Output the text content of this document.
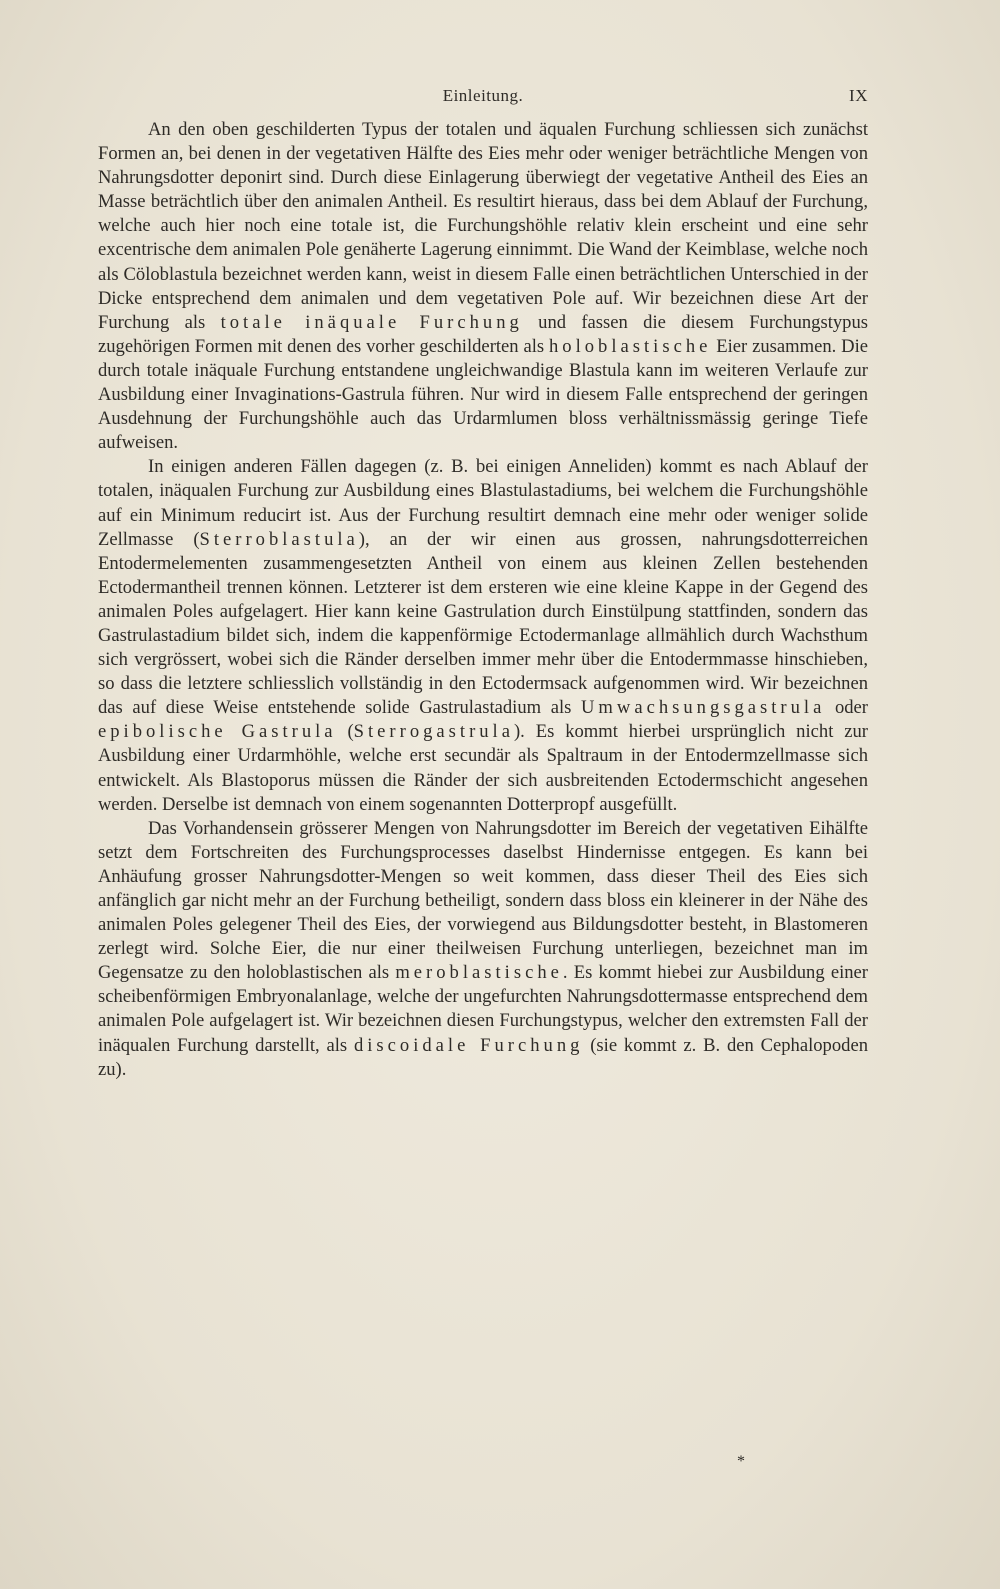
Einleitung.	IX

An den oben geschilderten Typus der totalen und äqualen Furchung schliessen sich zunächst Formen an, bei denen in der vegetativen Hälfte des Eies mehr oder weniger beträchtliche Mengen von Nahrungsdotter deponirt sind. Durch diese Einlagerung überwiegt der vegetative Antheil des Eies an Masse beträchtlich über den animalen Antheil. Es resultirt hieraus, dass bei dem Ablauf der Furchung, welche auch hier noch eine totale ist, die Furchungshöhle relativ klein erscheint und eine sehr excentrische dem animalen Pole genäherte Lagerung einnimmt. Die Wand der Keimblase, welche noch als Cöloblastula bezeichnet werden kann, weist in diesem Falle einen beträchtlichen Unterschied in der Dicke entsprechend dem animalen und dem vegetativen Pole auf. Wir bezeichnen diese Art der Furchung als totale inäquale Furchung und fassen die diesem Furchungstypus zugehörigen Formen mit denen des vorher geschilderten als holoblastische Eier zusammen. Die durch totale inäquale Furchung entstandene ungleichwandige Blastula kann im weiteren Verlaufe zur Ausbildung einer Invaginations-Gastrula führen. Nur wird in diesem Falle entsprechend der geringen Ausdehnung der Furchungshöhle auch das Urdarmlumen bloss verhältnissmässig geringe Tiefe aufweisen.

In einigen anderen Fällen dagegen (z. B. bei einigen Anneliden) kommt es nach Ablauf der totalen, inäqualen Furchung zur Ausbildung eines Blastulastadiums, bei welchem die Furchungshöhle auf ein Minimum reducirt ist. Aus der Furchung resultirt demnach eine mehr oder weniger solide Zellmasse (Sterroblastula), an der wir einen aus grossen, nahrungsdotterreichen Entodermelementen zusammengesetzten Antheil von einem aus kleinen Zellen bestehenden Ectodermantheil trennen können. Letzterer ist dem ersteren wie eine kleine Kappe in der Gegend des animalen Poles aufgelagert. Hier kann keine Gastrulation durch Einstülpung stattfinden, sondern das Gastrulastadium bildet sich, indem die kappenförmige Ectodermanlage allmählich durch Wachsthum sich vergrössert, wobei sich die Ränder derselben immer mehr über die Entodermmasse hinschieben, so dass die letztere schliesslich vollständig in den Ectodermsack aufgenommen wird. Wir bezeichnen das auf diese Weise entstehende solide Gastrulastadium als Umwachsungsgastrula oder epibolische Gastrula (Sterrogastrula). Es kommt hierbei ursprünglich nicht zur Ausbildung einer Urdarmhöhle, welche erst secundär als Spaltraum in der Entodermzellmasse sich entwickelt. Als Blastoporus müssen die Ränder der sich ausbreitenden Ectodermschicht angesehen werden. Derselbe ist demnach von einem sogenannten Dotterpropf ausgefüllt.

Das Vorhandensein grösserer Mengen von Nahrungsdotter im Bereich der vegetativen Eihälfte setzt dem Fortschreiten des Furchungsprocesses daselbst Hindernisse entgegen. Es kann bei Anhäufung grosser Nahrungsdotter-Mengen so weit kommen, dass dieser Theil des Eies sich anfänglich gar nicht mehr an der Furchung betheiligt, sondern dass bloss ein kleinerer in der Nähe des animalen Poles gelegener Theil des Eies, der vorwiegend aus Bildungsdotter besteht, in Blastomeren zerlegt wird. Solche Eier, die nur einer theilweisen Furchung unterliegen, bezeichnet man im Gegensatze zu den holoblastischen als meroblastische. Es kommt hiebei zur Ausbildung einer scheibenförmigen Embryonalanlage, welche der ungefurchten Nahrungsdottermasse entsprechend dem animalen Pole aufgelagert ist. Wir bezeichnen diesen Furchungstypus, welcher den extremsten Fall der inäqualen Furchung darstellt, als discoidale Furchung (sie kommt z. B. den Cephalopoden zu).

*
